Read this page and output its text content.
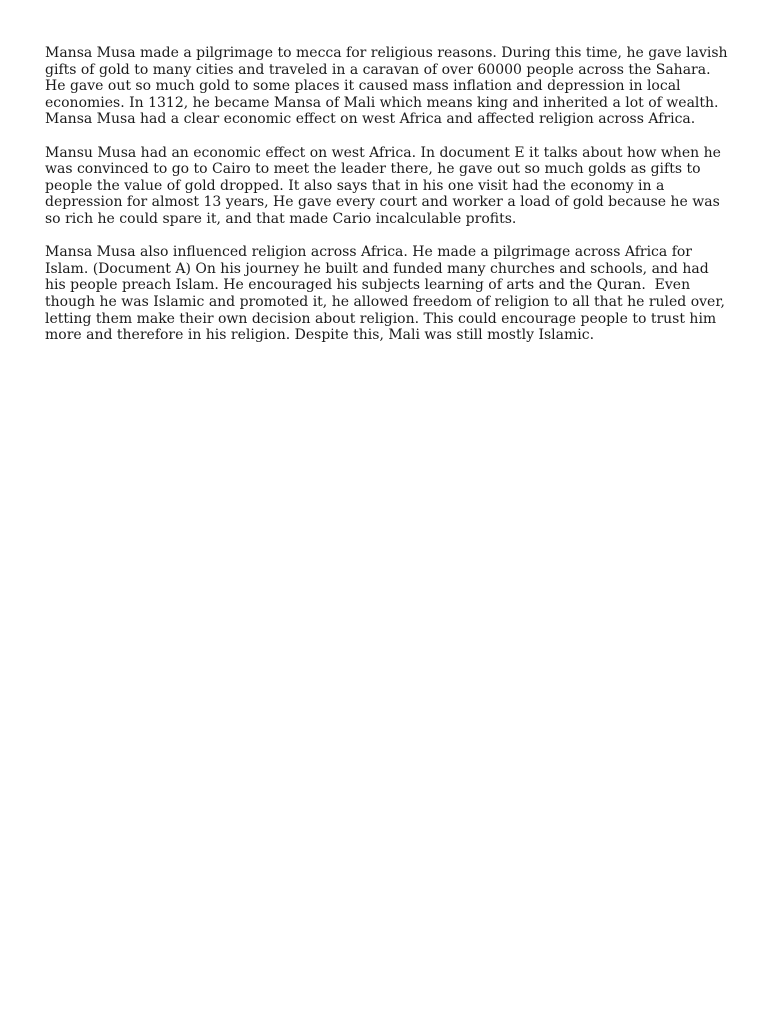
Mansa Musa made a pilgrimage to mecca for religious reasons. During this time, he gave lavish
gifts of gold to many cities and traveled in a caravan of over 60000 people across the Sahara.
He gave out so much gold to some places it caused mass inflation and depression in local
economies. In 1312, he became Mansa of Mali which means king and inherited a lot of wealth.
Mansa Musa had a clear economic effect on west Africa and affected religion across Africa.

Mansu Musa had an economic effect on west Africa. In document E it talks about how when he
was convinced to go to Cairo to meet the leader there, he gave out so much golds as gifts to
people the value of gold dropped. It also says that in his one visit had the economy in a
depression for almost 13 years, He gave every court and worker a load of gold because he was
so rich he could spare it, and that made Cario incalculable profits.

Mansa Musa also influenced religion across Africa. He made a pilgrimage across Africa for
Islam. (Document A) On his journey he built and funded many churches and schools, and had
his people preach Islam. He encouraged his subjects learning of arts and the Quran.  Even
though he was Islamic and promoted it, he allowed freedom of religion to all that he ruled over,
letting them make their own decision about religion. This could encourage people to trust him
more and therefore in his religion. Despite this, Mali was still mostly Islamic.
